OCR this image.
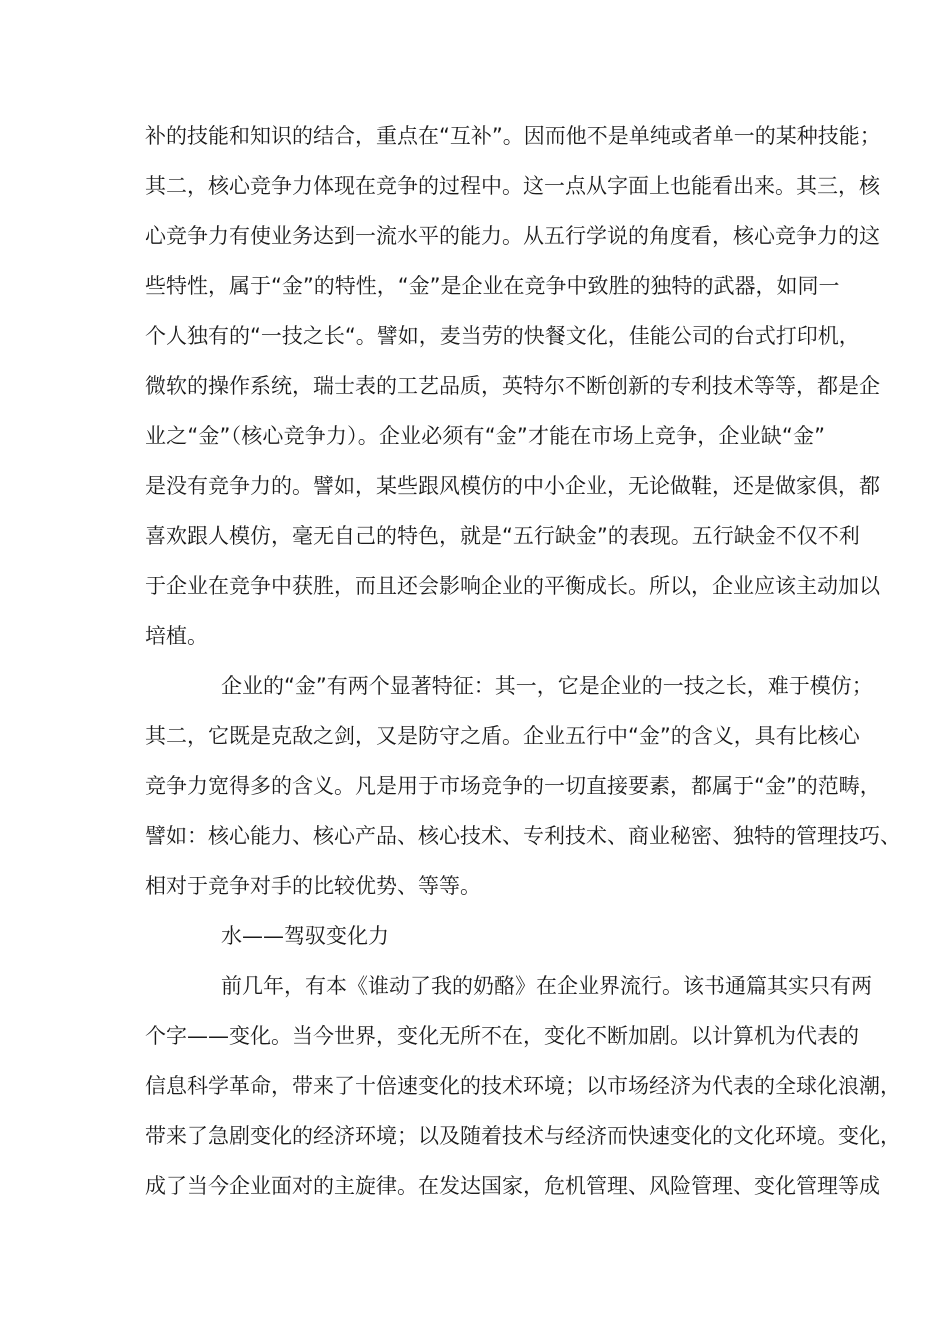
补的技能和知识的结合，重点在“互补”。因而他不是单纯或者单一的某种技能；
其二，核心竞争力体现在竞争的过程中。这一点从字面上也能看出来。其三，核
心竞争力有使业务达到一流水平的能力。从五行学说的角度看，核心竞争力的这
些特性，属于“金”的特性，“金”是企业在竞争中致胜的独特的武器，如同一
个人独有的“一技之长“。譬如，麦当劳的快餐文化，佳能公司的台式打印机，
微软的操作系统，瑞士表的工艺品质，英特尔不断创新的专利技术等等，都是企
业之“金”（核心竞争力）。企业必须有“金”才能在市场上竞争，企业缺“金”
是没有竞争力的。譬如，某些跟风模仿的中小企业，无论做鞋，还是做家俱，都
喜欢跟人模仿，毫无自己的特色，就是“五行缺金”的表现。五行缺金不仅不利
于企业在竞争中获胜，而且还会影响企业的平衡成长。所以，企业应该主动加以
培植。
企业的“金”有两个显著特征：其一，它是企业的一技之长，难于模仿；
其二，它既是克敌之剑，又是防守之盾。企业五行中“金”的含义，具有比核心
竞争力宽得多的含义。凡是用于市场竞争的一切直接要素，都属于“金”的范畴，
譬如：核心能力、核心产品、核心技术、专利技术、商业秘密、独特的管理技巧、
相对于竞争对手的比较优势、等等。
水——驾驭变化力
前几年，有本《谁动了我的奶酪》在企业界流行。该书通篇其实只有两
个字——变化。当今世界，变化无所不在，变化不断加剧。以计算机为代表的
信息科学革命，带来了十倍速变化的技术环境；以市场经济为代表的全球化浪潮，
带来了急剧变化的经济环境；以及随着技术与经济而快速变化的文化环境。变化，
成了当今企业面对的主旋律。在发达国家，危机管理、风险管理、变化管理等成
